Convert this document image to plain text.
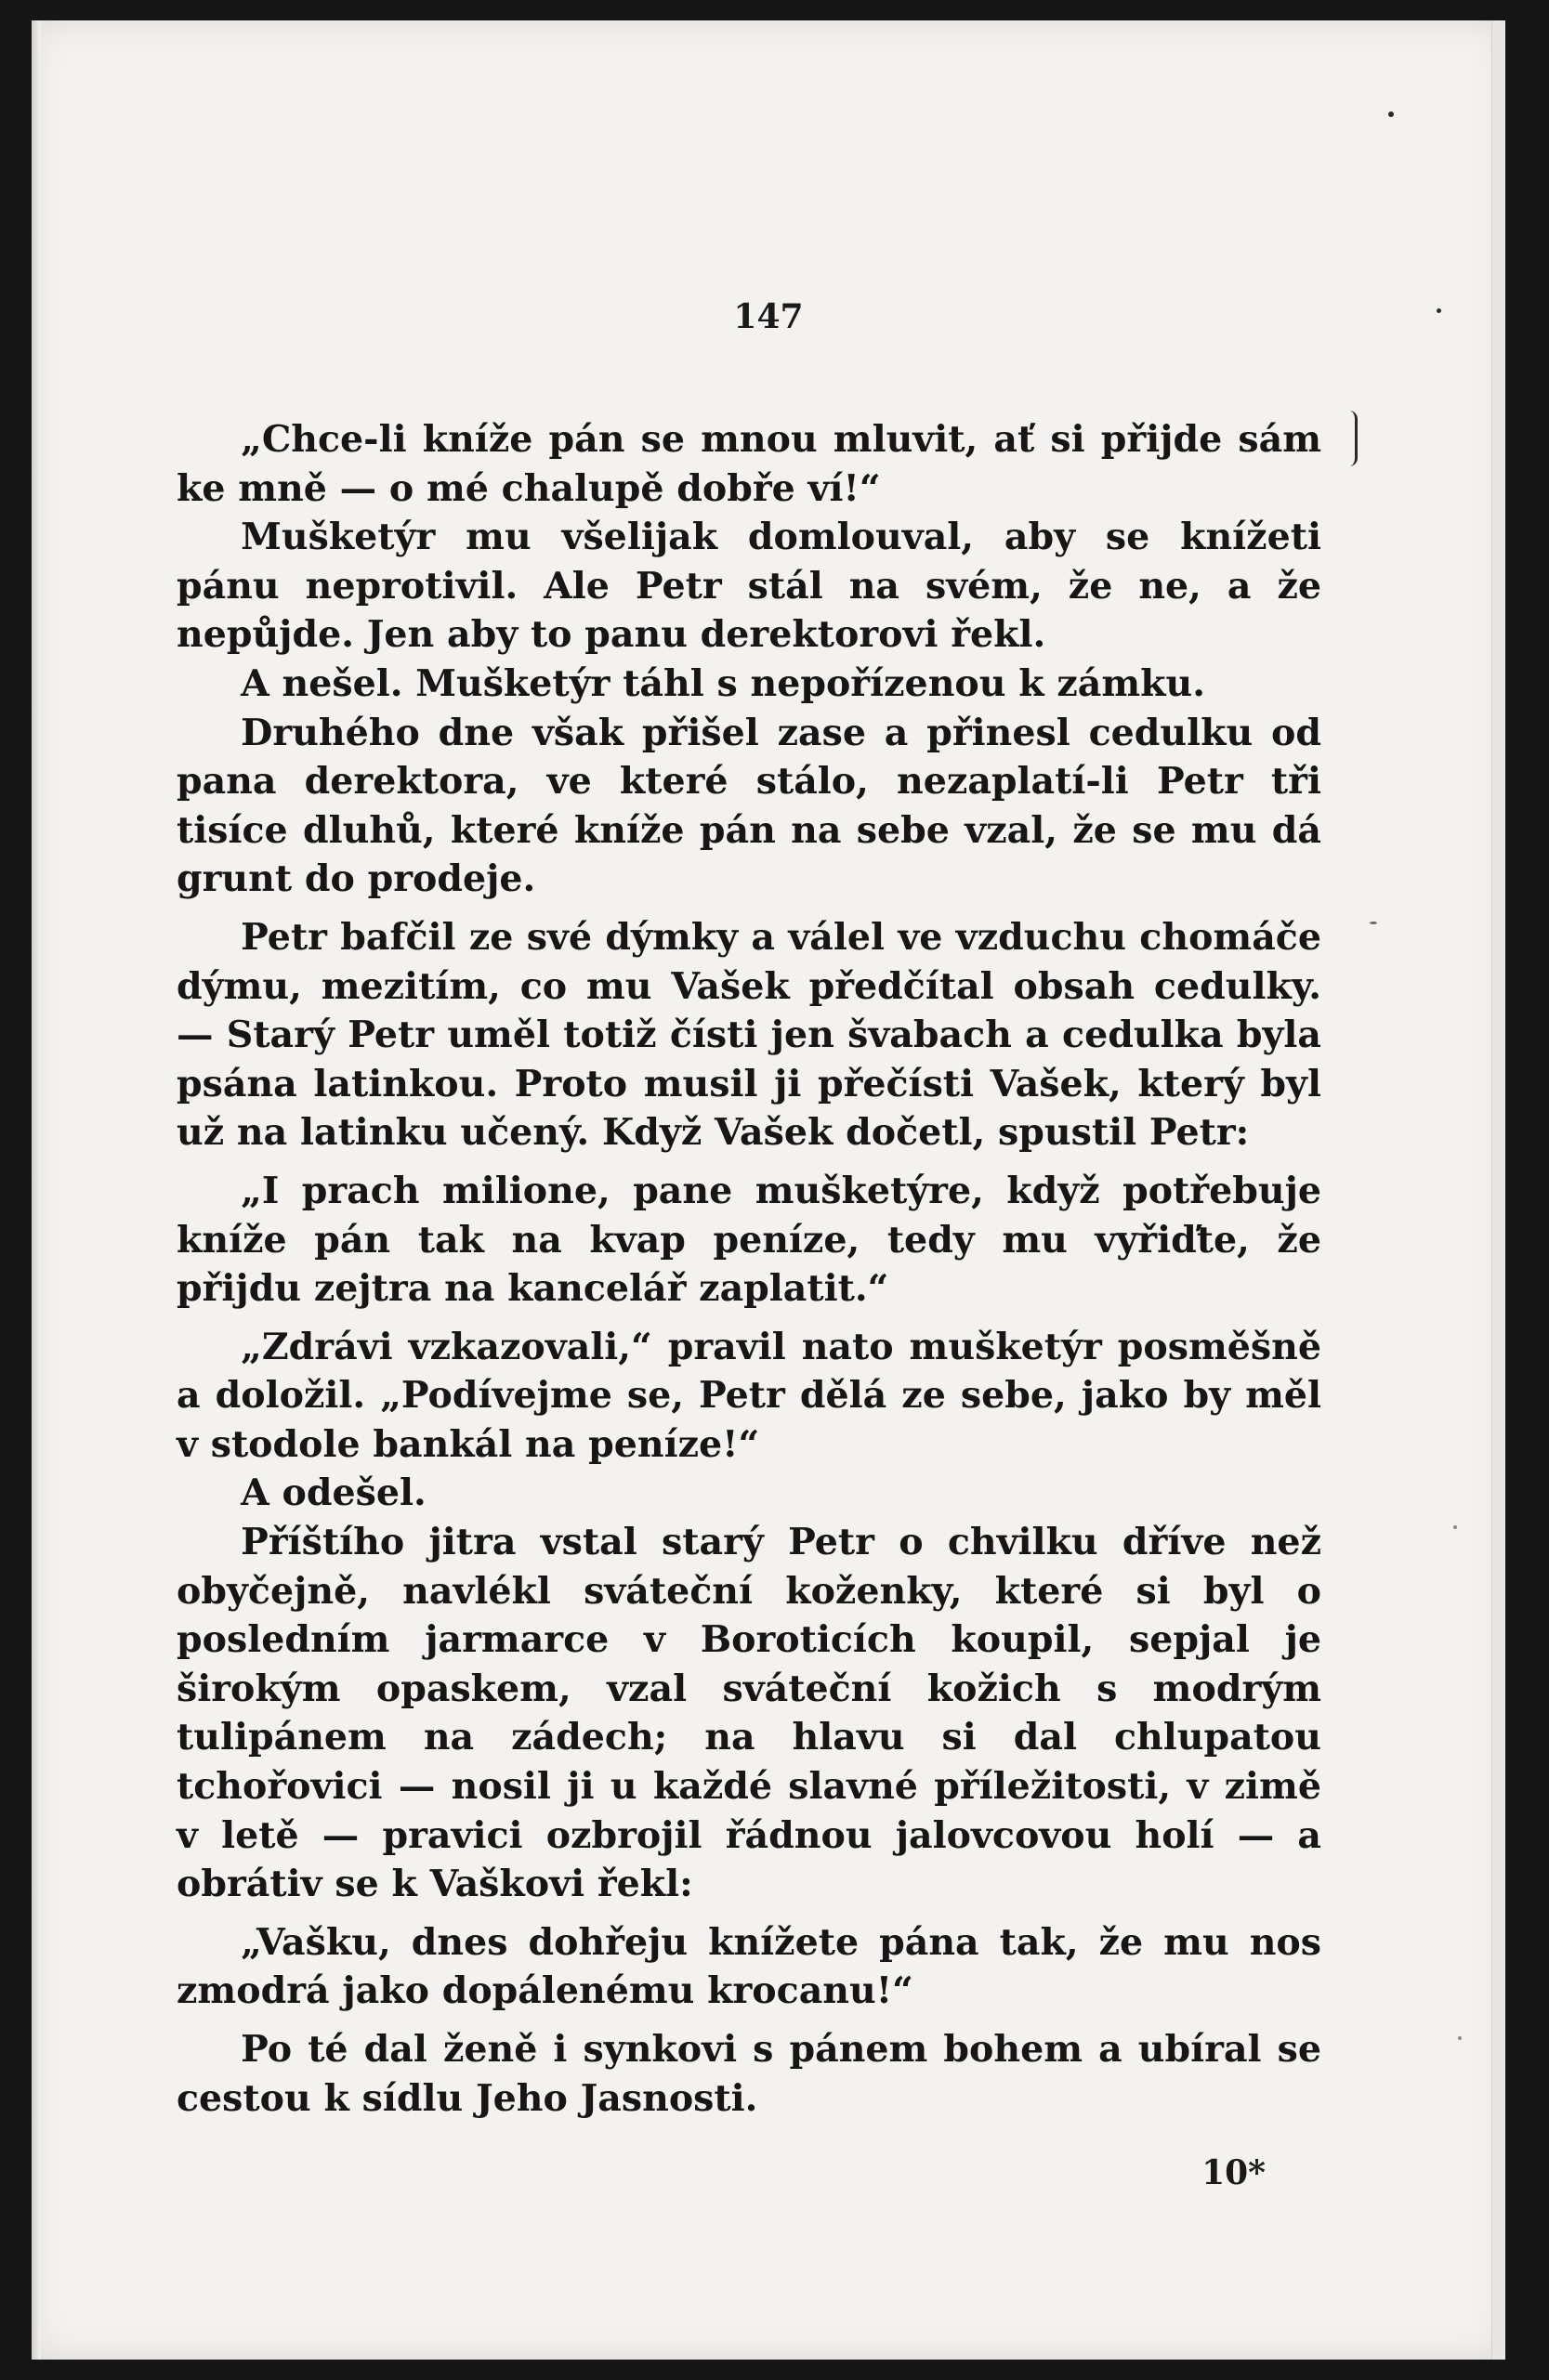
147

„Chce-li kníže pán se mnou mluvit, ať si přijde sám ke mně — o mé chalupě dobře ví!“

Mušketýr mu všelijak domlouval, aby se knížeti pánu neprotivil. Ale Petr stál na svém, že ne, a že nepůjde. Jen aby to panu derektorovi řekl.

A nešel. Mušketýr táhl s nepořízenou k zámku.

Druhého dne však přišel zase a přinesl cedulku od pana derektora, ve které stálo, nezaplatí-li Petr tři tisíce dluhů, které kníže pán na sebe vzal, že se mu dá grunt do prodeje.

Petr bafčil ze své dýmky a válel ve vzduchu chomáče dýmu, mezitím, co mu Vašek předčítal obsah cedulky. — Starý Petr uměl totiž čísti jen švabach a cedulka byla psána latinkou. Proto musil ji přečísti Vašek, který byl už na latinku učený. Když Vašek dočetl, spustil Petr:

„I prach milione, pane mušketýre, když potřebuje kníže pán tak na kvap peníze, tedy mu vyřiďte, že přijdu zejtra na kancelář zaplatit.“

„Zdrávi vzkazovali,“ pravil nato mušketýr posměšně a doložil. „Podívejme se, Petr dělá ze sebe, jako by měl v stodole bankál na peníze!“

A odešel.

Příštího jitra vstal starý Petr o chvilku dříve než obyčejně, navlékl sváteční koženky, které si byl o posledním jarmarce v Boroticích koupil, sepjal je širokým opaskem, vzal sváteční kožich s modrým tulipánem na zádech; na hlavu si dal chlupatou tchořovici — nosil ji u každé slavné příležitosti, v zimě v letě — pravici ozbrojil řádnou jalovcovou holí — a obrátiv se k Vaškovi řekl:

„Vašku, dnes dohřeju knížete pána tak, že mu nos zmodrá jako dopálenému krocanu!“

Po té dal ženě i synkovi s pánem bohem a ubíral se cestou k sídlu Jeho Jasnosti.

10*
